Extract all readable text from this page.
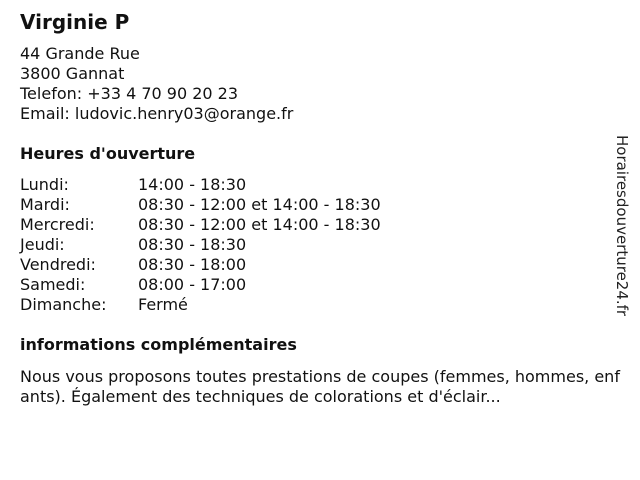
Virginie P
44 Grande Rue
3800 Gannat
Telefon: +33 4 70 90 20 23
Email: ludovic.henry03@orange.fr
Heures d'ouverture
Lundi:	14:00 - 18:30
Mardi:	08:30 - 12:00 et 14:00 - 18:30
Mercredi:	08:30 - 12:00 et 14:00 - 18:30
Jeudi:	08:30 - 18:30
Vendredi:	08:30 - 18:00
Samedi:	08:00 - 17:00
Dimanche:	Fermé
informations complémentaires
Nous vous proposons toutes prestations de coupes (femmes, hommes, enfants). Également des techniques de colorations et d'éclair...
Horairesdouverture24.fr
